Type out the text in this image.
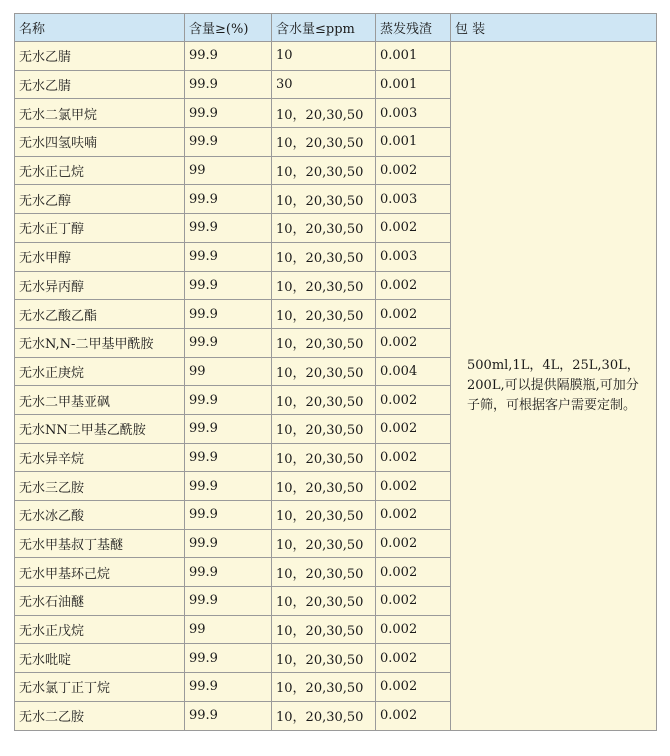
名称	含量≥(%)	含水量≤ppm	蒸发残渣	包 装
无水乙腈	99.9	10	0.001	500ml,1L，4L，25L,30L，200L,可以提供隔膜瓶,可加分子筛，可根据客户需要定制。
无水乙腈	99.9	30	0.001	
无水二氯甲烷	99.9	10，20,30,50	0.003	
无水四氢呋喃	99.9	10，20,30,50	0.001	
无水正己烷	99	10，20,30,50	0.002	
无水乙醇	99.9	10，20,30,50	0.003	
无水正丁醇	99.9	10，20,30,50	0.002	
无水甲醇	99.9	10，20,30,50	0.003	
无水异丙醇	99.9	10，20,30,50	0.002	
无水乙酸乙酯	99.9	10，20,30,50	0.002	
无水N,N-二甲基甲酰胺	99.9	10，20,30,50	0.002	
无水正庚烷	99	10，20,30,50	0.004	
无水二甲基亚砜	99.9	10，20,30,50	0.002	
无水NN二甲基乙酰胺	99.9	10，20,30,50	0.002	
无水异辛烷	99.9	10，20,30,50	0.002	
无水三乙胺	99.9	10，20,30,50	0.002	
无水冰乙酸	99.9	10，20,30,50	0.002	
无水甲基叔丁基醚	99.9	10，20,30,50	0.002	
无水甲基环己烷	99.9	10，20,30,50	0.002	
无水石油醚	99.9	10，20,30,50	0.002	
无水正戊烷	99	10，20,30,50	0.002	
无水吡啶	99.9	10，20,30,50	0.002	
无水氯丁正丁烷	99.9	10，20,30,50	0.002	
无水二乙胺	99.9	10，20,30,50	0.002	
